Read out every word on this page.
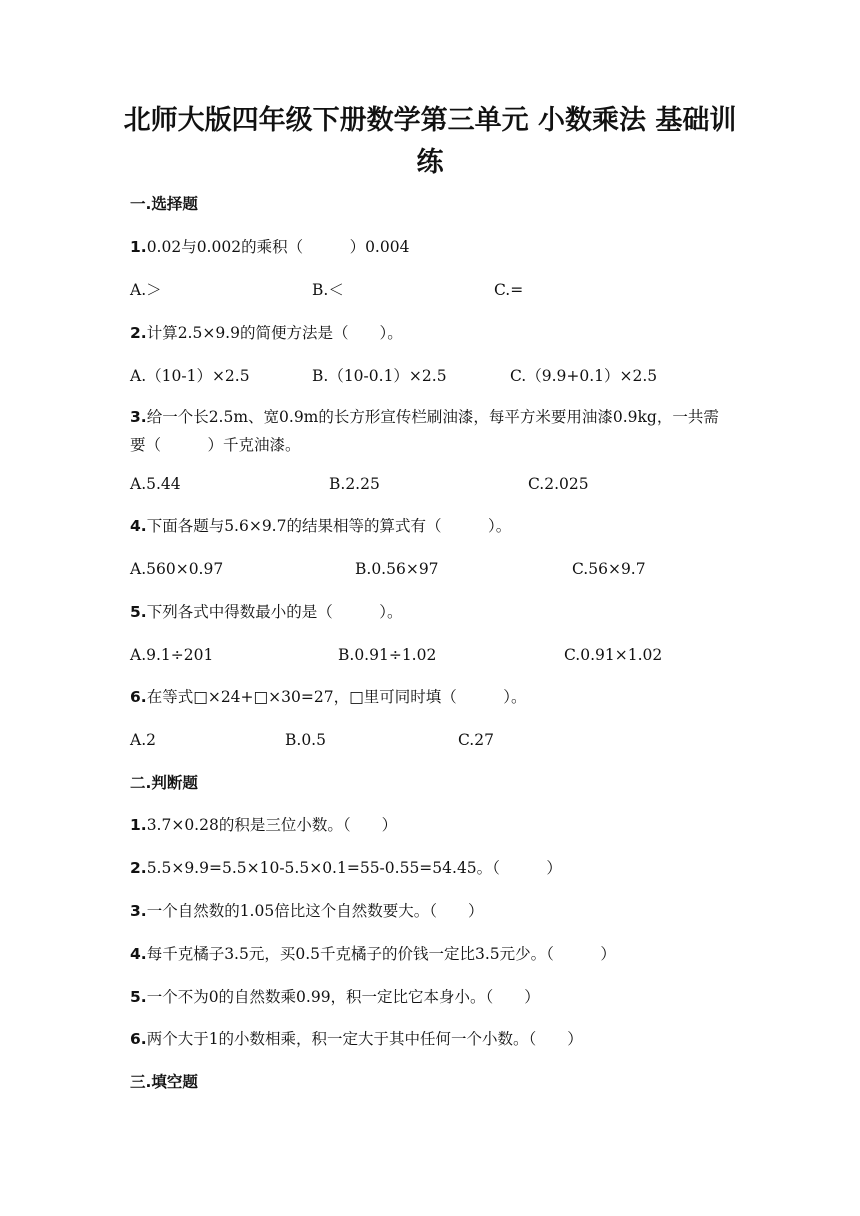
北师大版四年级下册数学第三单元 小数乘法 基础训练
一.选择题
1.0.02与0.002的乘积（　　　）0.004
A.＞	B.＜	C.=
2.计算2.5×9.9的简便方法是（　　）。
A.（10-1）×2.5	B.（10-0.1）×2.5	C.（9.9+0.1）×2.5
3.给一个长2.5m、宽0.9m的长方形宣传栏刷油漆，每平方米要用油漆0.9kg，一共需要（　　　）千克油漆。
A.5.44	B.2.25	C.2.025
4.下面各题与5.6×9.7的结果相等的算式有（　　　）。
A.560×0.97	B.0.56×97	C.56×9.7
5.下列各式中得数最小的是（　　　）。
A.9.1÷201	B.0.91÷1.02	C.0.91×1.02
6.在等式□×24+□×30=27，□里可同时填（　　　）。
A.2	B.0.5	C.27
二.判断题
1.3.7×0.28的积是三位小数。（　　）
2.5.5×9.9=5.5×10-5.5×0.1=55-0.55=54.45。（　　　）
3.一个自然数的1.05倍比这个自然数要大。（　　）
4.每千克橘子3.5元，买0.5千克橘子的价钱一定比3.5元少。（　　　）
5.一个不为0的自然数乘0.99，积一定比它本身小。（　　）
6.两个大于1的小数相乘，积一定大于其中任何一个小数。（　　）
三.填空题
